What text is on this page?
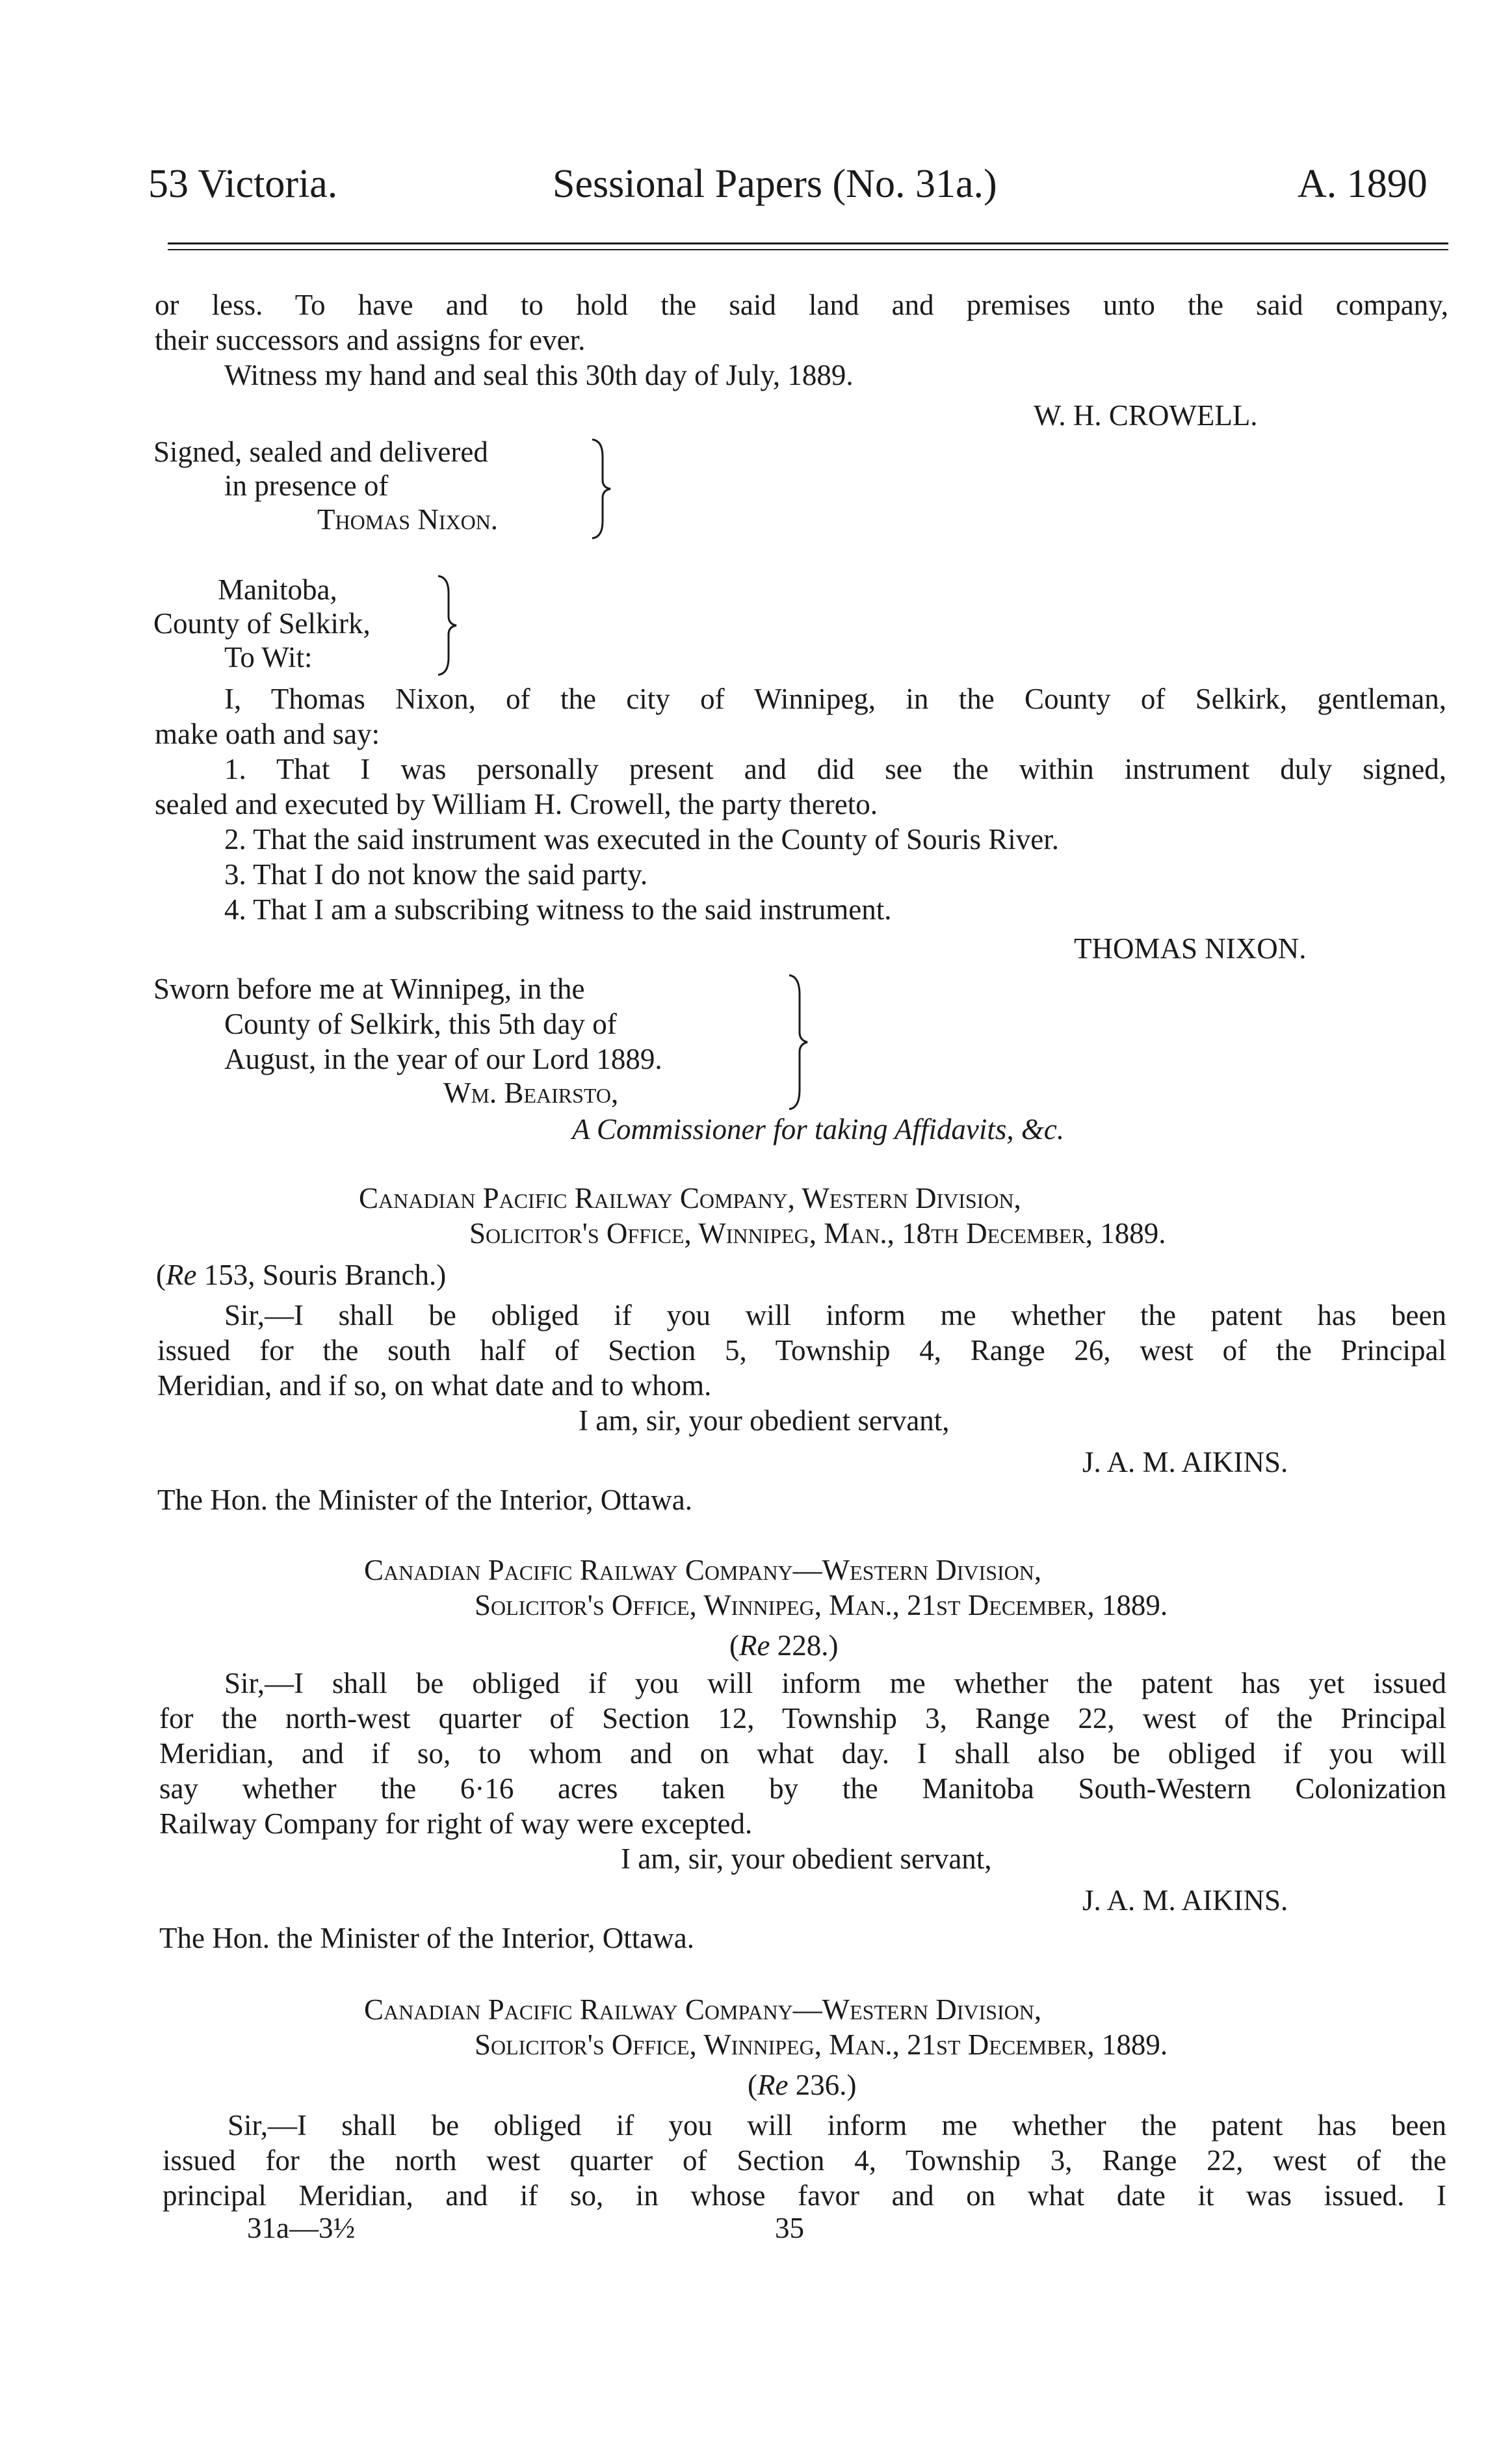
53 Victoria.	Sessional Papers (No. 31a.)	A. 1890
or less. To have and to hold the said land and premises unto the said company,
their successors and assigns for ever.
Witness my hand and seal this 30th day of July, 1889.
W. H. CROWELL.
Signed, sealed and delivered
in presence of
Thomas Nixon.
Manitoba,
County of Selkirk,
To Wit:
I, Thomas Nixon, of the city of Winnipeg, in the County of Selkirk, gentleman,
make oath and say:
1. That I was personally present and did see the within instrument duly signed,
sealed and executed by William H. Crowell, the party thereto.
2. That the said instrument was executed in the County of Souris River.
3. That I do not know the said party.
4. That I am a subscribing witness to the said instrument.
THOMAS NIXON.
Sworn before me at Winnipeg, in the
County of Selkirk, this 5th day of
August, in the year of our Lord 1889.
Wm. Beairsto,
A Commissioner for taking Affidavits, &c.
Canadian Pacific Railway Company, Western Division,
Solicitor's Office, Winnipeg, Man., 18th December, 1889.
(Re 153, Souris Branch.)
Sir,—I shall be obliged if you will inform me whether the patent has been
issued for the south half of Section 5, Township 4, Range 26, west of the Principal
Meridian, and if so, on what date and to whom.
I am, sir, your obedient servant,
J. A. M. AIKINS.
The Hon. the Minister of the Interior, Ottawa.
Canadian Pacific Railway Company—Western Division,
Solicitor's Office, Winnipeg, Man., 21st December, 1889.
(Re 228.)
Sir,—I shall be obliged if you will inform me whether the patent has yet issued
for the north-west quarter of Section 12, Township 3, Range 22, west of the Principal
Meridian, and if so, to whom and on what day. I shall also be obliged if you will
say whether the 6·16 acres taken by the Manitoba South-Western Colonization
Railway Company for right of way were excepted.
I am, sir, your obedient servant,
J. A. M. AIKINS.
The Hon. the Minister of the Interior, Ottawa.
Canadian Pacific Railway Company—Western Division,
Solicitor's Office, Winnipeg, Man., 21st December, 1889.
(Re 236.)
Sir,—I shall be obliged if you will inform me whether the patent has been
issued for the north west quarter of Section 4, Township 3, Range 22, west of the
principal Meridian, and if so, in whose favor and on what date it was issued. I
31a—3½	35
